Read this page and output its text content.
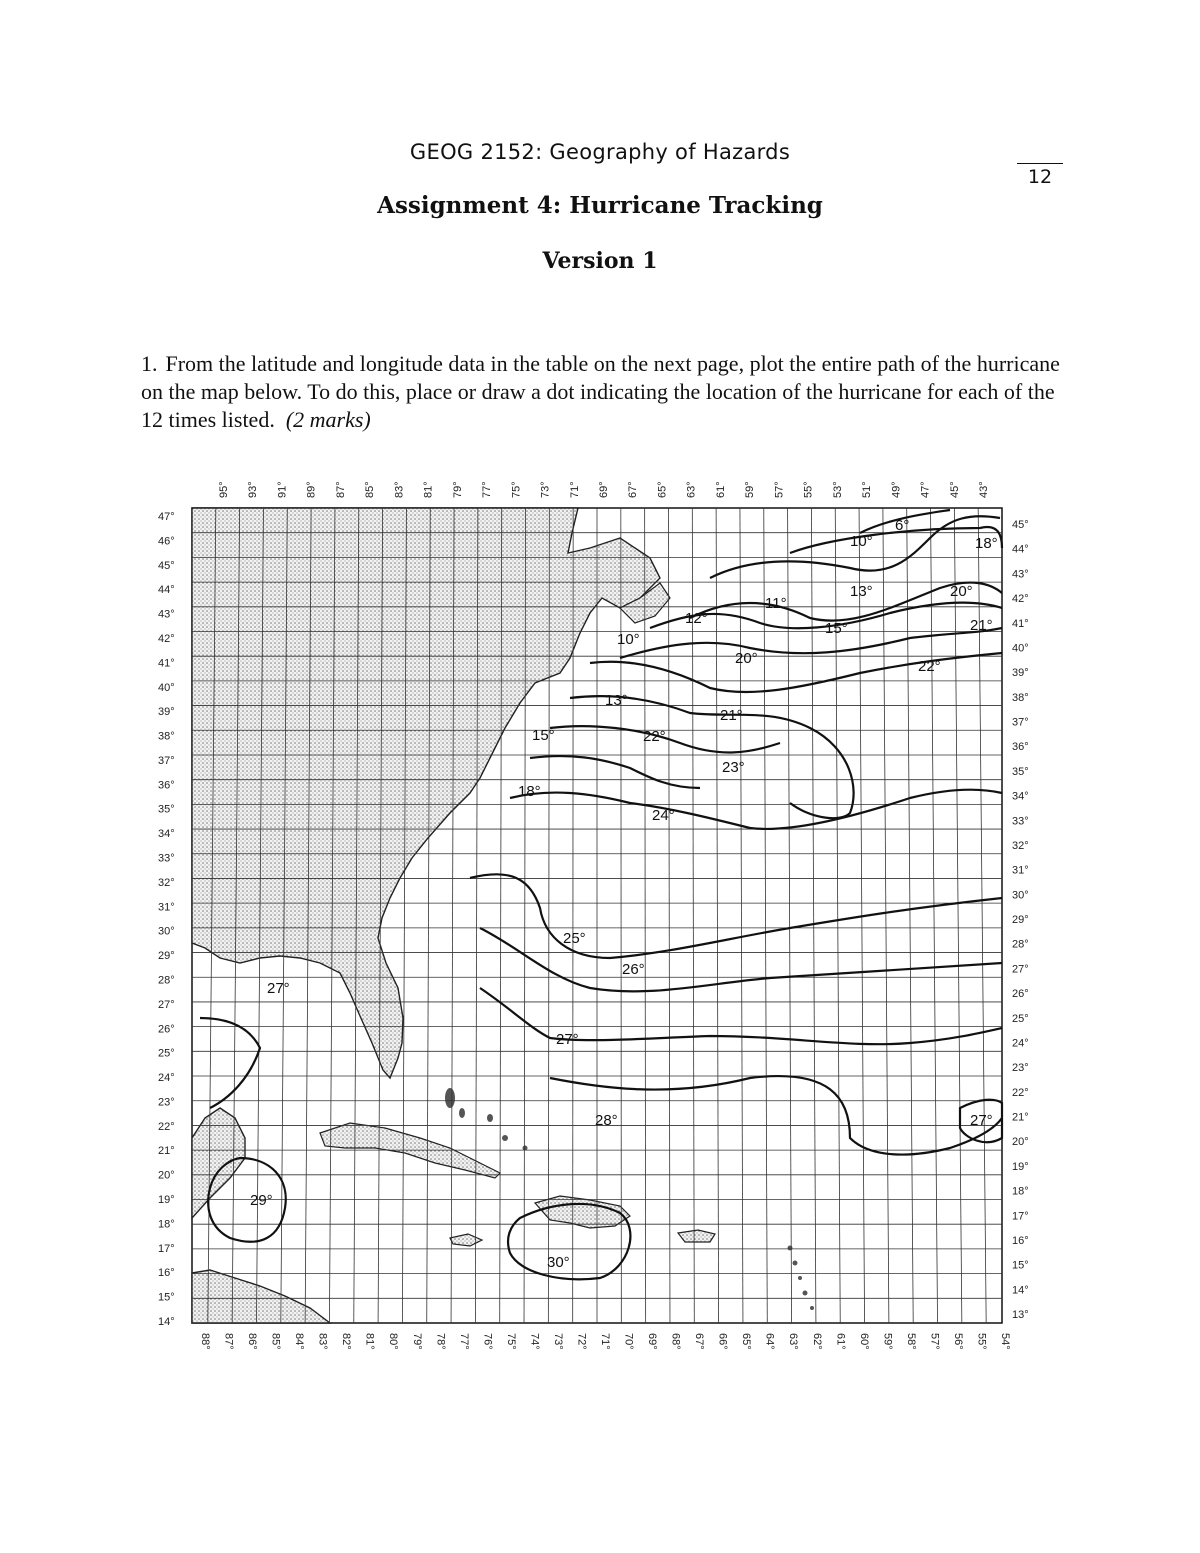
GEOG 2152: Geography of Hazards
12
Assignment 4: Hurricane Tracking
Version 1
1. From the latitude and longitude data in the table on the next page, plot the entire path of the hurricane on the map below. To do this, place or draw a dot indicating the location of the hurricane for each of the 12 times listed. (2 marks)
6°
10°	18°
13°	20°
11°
12°
15°	21°
10°
20°	22°
13°
21°
15°	22°
23°
18°
24°
25°
26°
27°
27°
28°	27°
29°
30°
47°
46°
45°
44°
43°
42°
41°
40°
39°
38°
37°
36°
35°
34°
33°
32°
31°
30°
29°
28°
27°
26°
25°
24°
23°
22°
21°
20°
19°
18°
17°
16°
15°
14°
45°
44°
43°
42°
41°
40°
39°
38°
37°
36°
35°
34°
33°
32°
31°
30°
29°
28°
27°
26°
25°
24°
23°
22°
21°
20°
19°
18°
17°
16°
15°
14°
13°
95° 93° 91° 89° 87° 85° 83° 81° 79° 77° 75° 73° 71° 69° 67° 65° 63° 61° 59° 57° 55° 53° 51° 49° 47° 45° 43°
88° 87° 86° 85° 84° 83° 82° 81° 80° 79° 78° 77° 76° 75° 74° 73° 72° 71° 70° 69° 68° 67° 66° 65° 64° 63° 62° 61° 60° 59° 58° 57° 56° 55° 54°
